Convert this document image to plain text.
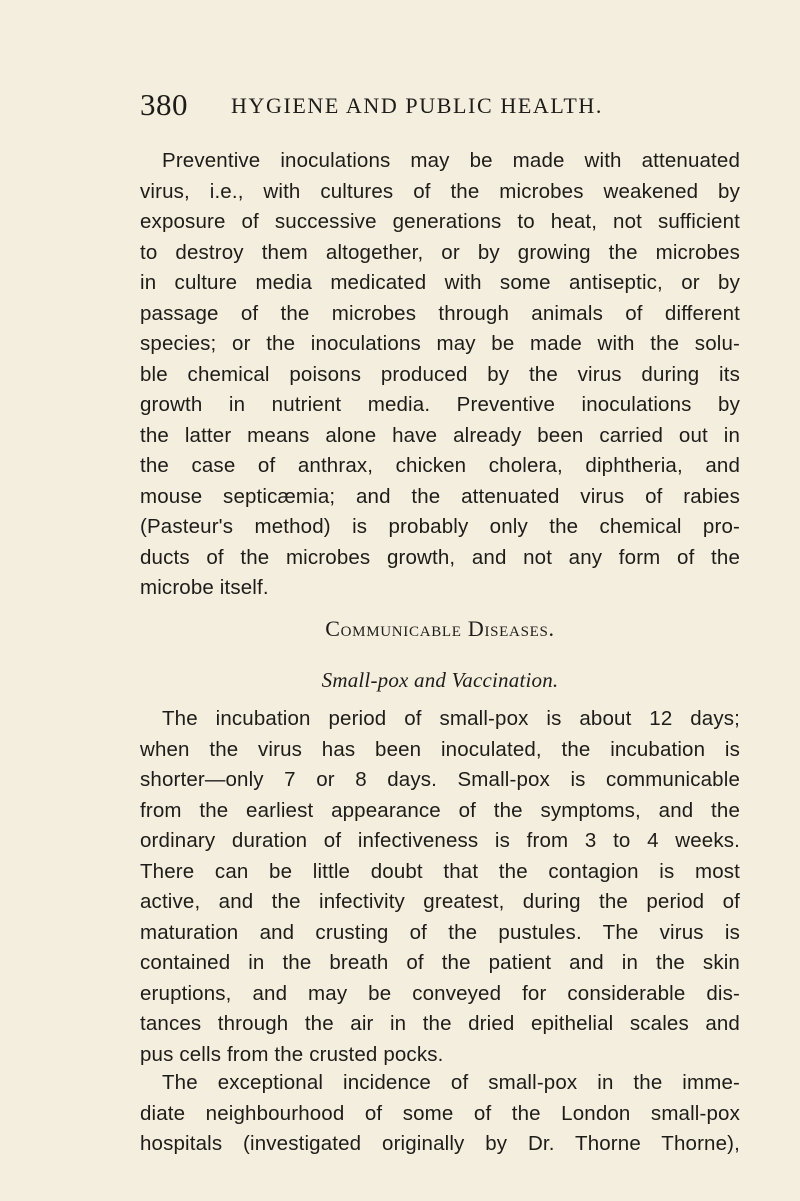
380 HYGIENE AND PUBLIC HEALTH.
Preventive inoculations may be made with attenuated
virus, i.e., with cultures of the microbes weakened by
exposure of successive generations to heat, not sufficient
to destroy them altogether, or by growing the microbes
in culture media medicated with some antiseptic, or by
passage of the microbes through animals of different
species; or the inoculations may be made with the solu-
ble chemical poisons produced by the virus during its
growth in nutrient media. Preventive inoculations by
the latter means alone have already been carried out in
the case of anthrax, chicken cholera, diphtheria, and
mouse septicæmia; and the attenuated virus of rabies
(Pasteur's method) is probably only the chemical pro-
ducts of the microbes growth, and not any form of the
microbe itself.
Communicable Diseases.
Small-pox and Vaccination.
The incubation period of small-pox is about 12 days;
when the virus has been inoculated, the incubation is
shorter—only 7 or 8 days. Small-pox is communicable
from the earliest appearance of the symptoms, and the
ordinary duration of infectiveness is from 3 to 4 weeks.
There can be little doubt that the contagion is most
active, and the infectivity greatest, during the period of
maturation and crusting of the pustules. The virus is
contained in the breath of the patient and in the skin
eruptions, and may be conveyed for considerable dis-
tances through the air in the dried epithelial scales and
pus cells from the crusted pocks.
The exceptional incidence of small-pox in the imme-
diate neighbourhood of some of the London small-pox
hospitals (investigated originally by Dr. Thorne Thorne),
